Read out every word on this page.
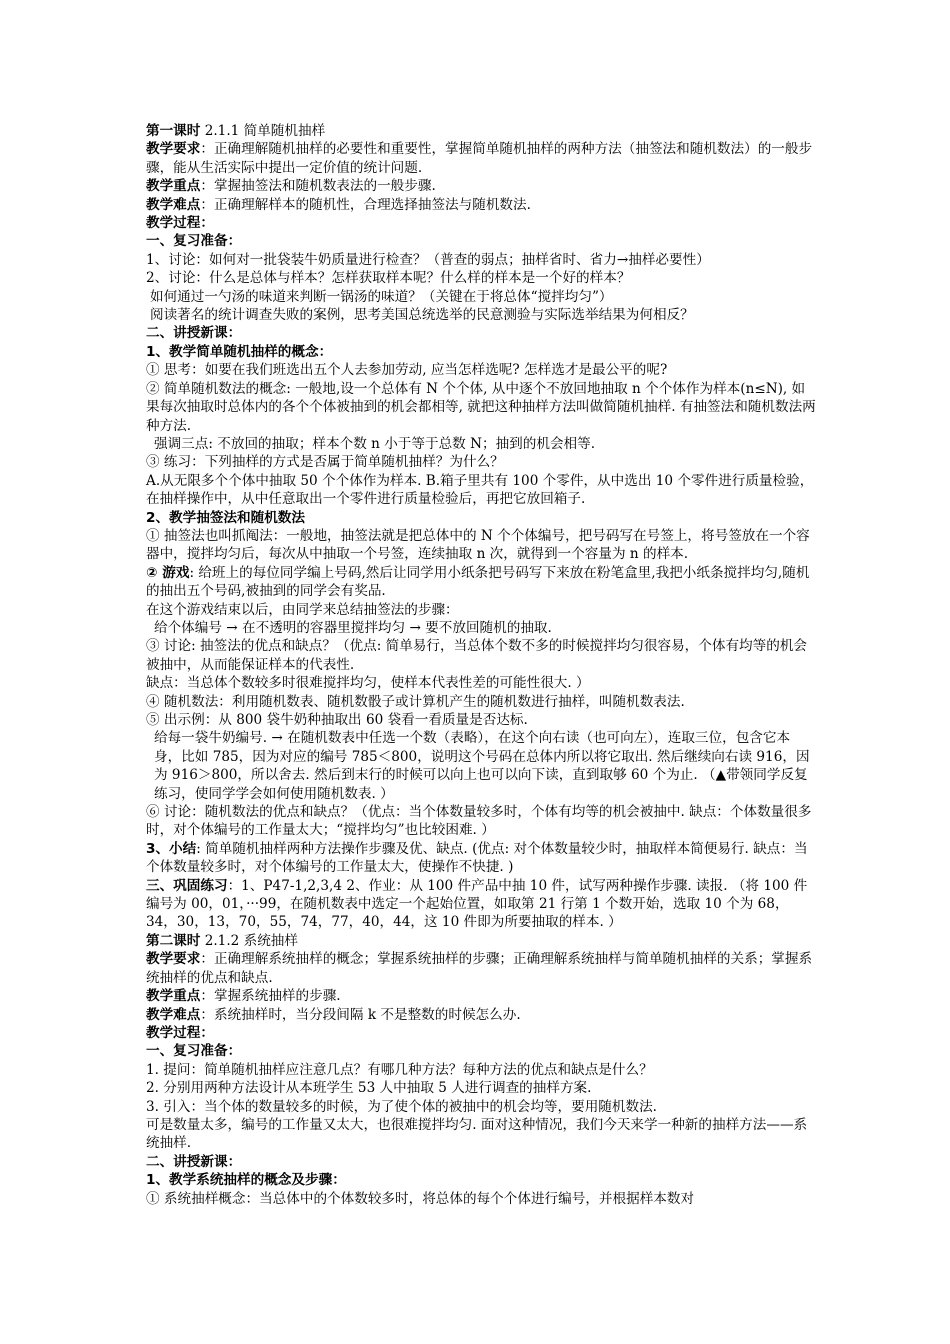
第一课时 2.1.1 简单随机抽样

教学要求：正确理解随机抽样的必要性和重要性，掌握简单随机抽样的两种方法（抽签法和随机数法）的一般步骤，能从生活实际中提出一定价值的统计问题.

教学重点：掌握抽签法和随机数表法的一般步骤.

教学难点：正确理解样本的随机性，合理选择抽签法与随机数法.

教学过程：

一、复习准备：

1、讨论：如何对一批袋装牛奶质量进行检查？（普查的弱点；抽样省时、省力→抽样必要性）

2、讨论：什么是总体与样本？怎样获取样本呢？什么样的样本是一个好的样本？

如何通过一勺汤的味道来判断一锅汤的味道？（关键在于将总体“搅拌均匀”）

阅读著名的统计调查失败的案例，思考美国总统选举的民意测验与实际选举结果为何相反？

二、讲授新课：

1、教学简单随机抽样的概念：

① 思考：如要在我们班选出五个人去参加劳动, 应当怎样选呢? 怎样选才是最公平的呢?

② 简单随机数法的概念: 一般地,设一个总体有 N 个个体, 从中逐个不放回地抽取 n 个个体作为样本(n≤N), 如果每次抽取时总体内的各个个体被抽到的机会都相等, 就把这种抽样方法叫做简随机抽样. 有抽签法和随机数法两种方法.

强调三点: 不放回的抽取；样本个数 n 小于等于总数 N；抽到的机会相等.

③ 练习：下列抽样的方式是否属于简单随机抽样？为什么？

A.从无限多个个体中抽取 50 个个体作为样本. B.箱子里共有 100 个零件，从中选出 10 个零件进行质量检验，在抽样操作中，从中任意取出一个零件进行质量检验后，再把它放回箱子.

2、教学抽签法和随机数法

① 抽签法也叫抓阄法：一般地，抽签法就是把总体中的 N 个个体编号，把号码写在号签上，将号签放在一个容器中，搅拌均匀后，每次从中抽取一个号签，连续抽取 n 次，就得到一个容量为 n 的样本.

② 游戏: 给班上的每位同学编上号码,然后让同学用小纸条把号码写下来放在粉笔盒里,我把小纸条搅拌均匀,随机的抽出五个号码,被抽到的同学会有奖品.

在这个游戏结束以后，由同学来总结抽签法的步骤：

给个体编号 → 在不透明的容器里搅拌均匀 → 要不放回随机的抽取.

③ 讨论: 抽签法的优点和缺点？（优点: 简单易行，当总体个数不多的时候搅拌均匀很容易，个体有均等的机会被抽中，从而能保证样本的代表性.

缺点：当总体个数较多时很难搅拌均匀，使样本代表性差的可能性很大. ）

④ 随机数法：利用随机数表、随机数骰子或计算机产生的随机数进行抽样，叫随机数表法.

⑤ 出示例：从 800 袋牛奶种抽取出 60 袋看一看质量是否达标.

给每一袋牛奶编号. → 在随机数表中任选一个数（表略），在这个向右读（也可向左），连取三位，包含它本身，比如 785，因为对应的编号 785＜800，说明这个号码在总体内所以将它取出. 然后继续向右读 916，因为 916＞800，所以舍去. 然后到末行的时候可以向上也可以向下读，直到取够 60 个为止. （▲带领同学反复练习，使同学学会如何使用随机数表. ）

⑥ 讨论：随机数法的优点和缺点？（优点：当个体数量较多时，个体有均等的机会被抽中. 缺点：个体数量很多时，对个体编号的工作量太大；“搅拌均匀”也比较困难. ）

3、小结: 简单随机抽样两种方法操作步骤及优、缺点. (优点: 对个体数量较少时，抽取样本简便易行. 缺点：当个体数量较多时，对个体编号的工作量太大，使操作不快捷. )

三、巩固练习：1、P47-1,2,3,4 2、作业：从 100 件产品中抽 10 件，试写两种操作步骤. 读报. （将 100 件编号为 00，01，···99，在随机数表中选定一个起始位置，如取第 21 行第 1 个数开始，选取 10 个为 68，34，30，13，70，55，74，77，40，44，这 10 件即为所要抽取的样本. ）

第二课时 2.1.2 系统抽样

教学要求：正确理解系统抽样的概念；掌握系统抽样的步骤；正确理解系统抽样与简单随机抽样的关系；掌握系统抽样的优点和缺点.

教学重点：掌握系统抽样的步骤.

教学难点：系统抽样时，当分段间隔 k 不是整数的时候怎么办.

教学过程：

一、复习准备：

1. 提问：简单随机抽样应注意几点？有哪几种方法？每种方法的优点和缺点是什么？

2. 分别用两种方法设计从本班学生 53 人中抽取 5 人进行调查的抽样方案.

3. 引入：当个体的数量较多的时候，为了使个体的被抽中的机会均等，要用随机数法.

可是数量太多，编号的工作量又太大，也很难搅拌均匀. 面对这种情况，我们今天来学一种新的抽样方法——系统抽样.

二、讲授新课：

1、教学系统抽样的概念及步骤：

① 系统抽样概念：当总体中的个体数较多时，将总体的每个个体进行编号，并根据样本数对
